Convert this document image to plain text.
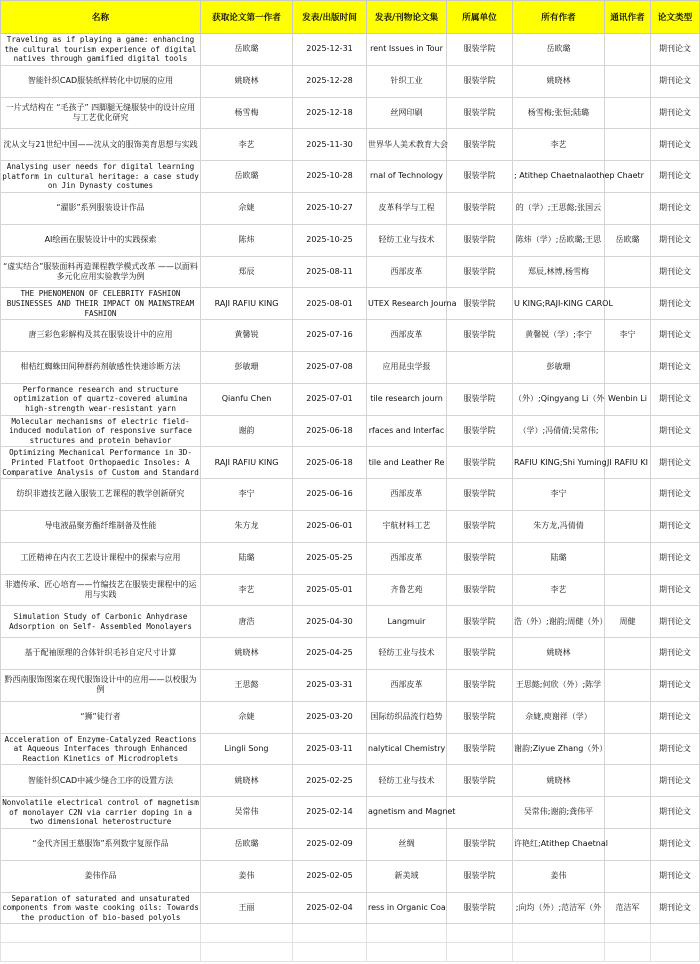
名称	获取论文第一作者	发表/出版时间	发表/刊物论文集	所属单位	所有作者	通讯作者	论文类型
Traveling as if playing a game: enhancing the cultural tourism experience of digital natives through gamified digital tools	岳欧璐	2025-12-31	rent Issues in Tour	服装学院	岳欧璐		期刊论文
智能针织CAD服装纸样转化中切展的应用	姚晓林	2025-12-28	针织工业	服装学院	姚晓林		期刊论文
一片式结构在 “毛孩子” 四脚腿无缝服装中的设计应用与工艺优化研究	杨雪梅	2025-12-18	丝网印刷	服装学院	杨雪梅;张恒;陆璐		期刊论文
沈从文与21世纪中国——沈从文的服饰美育思想与实践	李艺	2025-11-30	世界华人美术教育大会	服装学院	李艺		期刊论文
Analysing user needs for digital learning platform in cultural heritage: a case study on Jin Dynasty costumes	岳欧璐	2025-10-28	rnal of Technology	服装学院	; Atithep Chaetnalaothep Chaetr		期刊论文
“濯影”系列服装设计作品	佘婕	2025-10-27	皮革科学与工程	服装学院	的（学）;王思懿;张国云		期刊论文
AI绘画在服装设计中的实践探索	陈炜	2025-10-25	轻纺工业与技术	服装学院	陈炜（学）;岳欧璐;王思	岳欧璐	期刊论文
“虚实结合”服装面料再造课程教学模式改革 ——以面料多元化应用实验教学为例	郑辰	2025-08-11	西部皮革	服装学院	郑辰,林博,杨雪梅		期刊论文
THE PHENOMENON OF CELEBRITY FASHION BUSINESSES AND THEIR IMPACT ON MAINSTREAM FASHION	RAJI RAFIU KING	2025-08-01	UTEX Research Journa	服装学院	U KING;RAJI-KING CAROL		期刊论文
唐三彩色彩解构及其在服装设计中的应用	黄馨锐	2025-07-16	西部皮革	服装学院	黄馨锐（学）;李宁	李宁	期刊论文
柑桔红蜘蛛田间种群药剂敏感性快速诊断方法	彭敏珊	2025-07-08	应用昆虫学报		彭敏珊		期刊论文
Performance research and structure optimization of quartz-covered alumina high-strength wear-resistant yarn	Qianfu Chen	2025-07-01	tile research journ	服装学院	（外）;Qingyang Li（外	Wenbin Li	期刊论文
Molecular mechanisms of electric field-induced modulation of responsive surface structures and protein behavior	谢韵	2025-06-18	rfaces and Interfac	服装学院	（学）;冯倩倩;吴常伟;		期刊论文
Optimizing Mechanical Performance in 3D-Printed Flatfoot Orthopaedic Insoles: A Comparative Analysis of Custom and Standard	RAJI RAFIU KING	2025-06-18	tile and Leather Re	服装学院	RAFIU KING;Shi Yuming	JI RAFIU KI	期刊论文
纺织非遗技艺融入服装工艺课程的教学创新研究	李宁	2025-06-16	西部皮革	服装学院	李宁		期刊论文
导电液晶聚芳酯纤维制备及性能	朱方龙	2025-06-01	宇航材料工艺	服装学院	朱方龙,冯倩倩		期刊论文
工匠精神在内衣工艺设计课程中的探索与应用	陆璐	2025-05-25	西部皮革	服装学院	陆璐		期刊论文
非遗传承、匠心培育——竹编技艺在服装史课程中的运用与实践	李艺	2025-05-01	齐鲁艺苑	服装学院	李艺		期刊论文
Simulation Study of Carbonic Anhydrase Adsorption on Self- Assembled Monolayers	唐浩	2025-04-30	Langmuir	服装学院	浩（外）;谢韵;周健（外）	周健	期刊论文
基于配袖原理的合体针织毛衫自定尺寸计算	姚晓林	2025-04-25	轻纺工业与技术	服装学院	姚晓林		期刊论文
黔西南服饰图案在现代服饰设计中的应用——以校服为例	王思懿	2025-03-31	西部皮革	服装学院	王思懿;何欣（外）;陈学		期刊论文
“狮”徒行者	佘婕	2025-03-20	国际纺织品流行趋势	服装学院	佘婕,庾谢祥（学）		期刊论文
Acceleration of Enzyme-Catalyzed Reactions at Aqueous Interfaces through Enhanced Reaction Kinetics of Microdroplets	Lingli Song	2025-03-11	nalytical Chemistry	服装学院	谢韵;Ziyue Zhang（外）		期刊论文
智能针织CAD中减少缝合工序的设置方法	姚晓林	2025-02-25	轻纺工业与技术	服装学院	姚晓林		期刊论文
Nonvolatile electrical control of magnetism of monolayer C2N via carrier doping in a two dimensional heterostructure	吴常伟	2025-02-14	agnetism and Magnet		吴常伟;谢韵;龚伟平		期刊论文
“金代齐国王墓服饰”系列数字复原作品	岳欧璐	2025-02-09	丝绸	服装学院	许艳红;Atithep Chaetnal		期刊论文
姜伟作品	姜伟	2025-02-05	新美域	服装学院	姜伟		期刊论文
Separation of saturated and unsaturated components from waste cooking oils: Towards the production of bio-based polyols	王丽	2025-02-04	ress in Organic Coa	服装学院	;向均（外）;范洁军（外	范洁军	期刊论文
